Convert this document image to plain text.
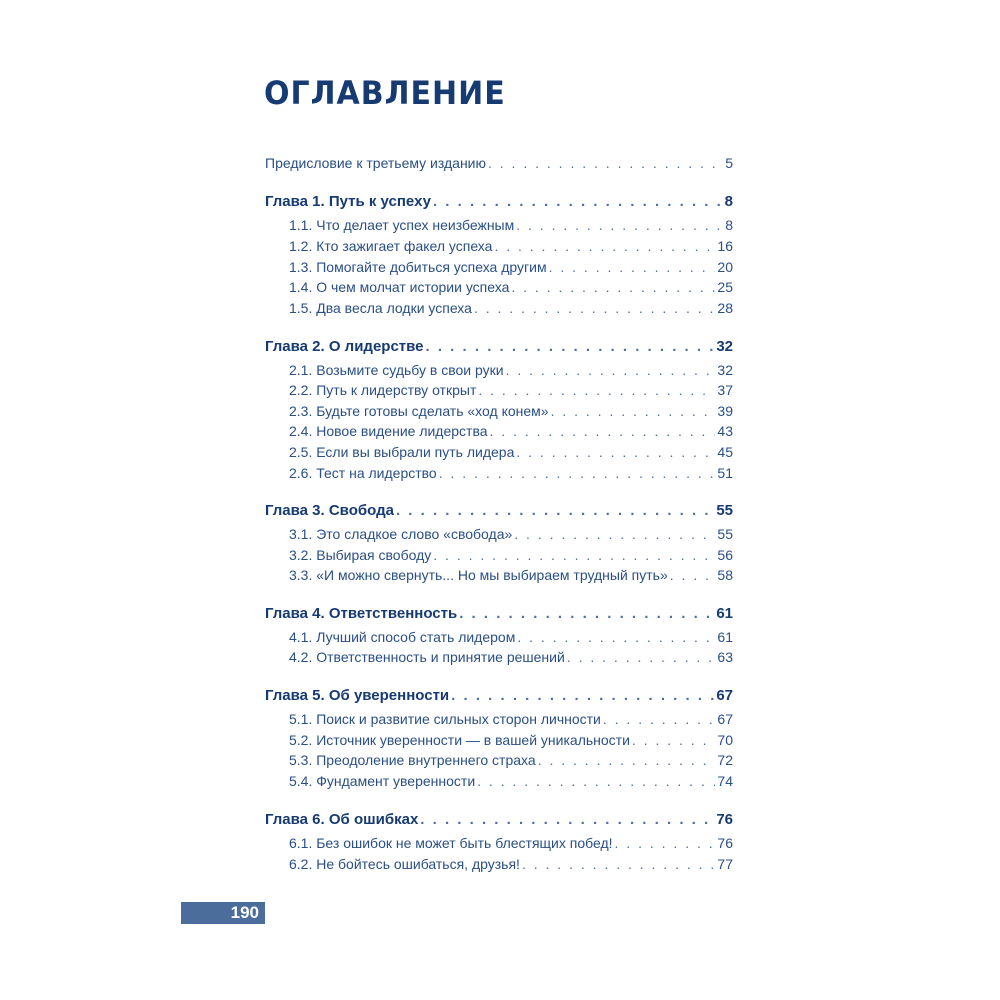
ОГЛАВЛЕНИЕ
Предисловие к третьему изданию . . .	5
Глава 1. Путь к успеху . . .	8
1.1. Что делает успех неизбежным . . .	8
1.2. Кто зажигает факел успеха . . .	16
1.3. Помогайте добиться успеха другим . . .	20
1.4. О чем молчат истории успеха . . .	25
1.5. Два весла лодки успеха . . .	28
Глава 2. О лидерстве . . .	32
2.1. Возьмите судьбу в свои руки . . .	32
2.2. Путь к лидерству открыт . . .	37
2.3. Будьте готовы сделать «ход конем» . . .	39
2.4. Новое видение лидерства . . .	43
2.5. Если вы выбрали путь лидера . . .	45
2.6. Тест на лидерство . . .	51
Глава 3. Свобода . . .	55
3.1. Это сладкое слово «свобода» . . .	55
3.2. Выбирая свободу . . .	56
3.3. «И можно свернуть... Но мы выбираем трудный путь» . . .	58
Глава 4. Ответственность . . .	61
4.1. Лучший способ стать лидером . . .	61
4.2. Ответственность и принятие решений . . .	63
Глава 5. Об уверенности . . .	67
5.1. Поиск и развитие сильных сторон личности . . .	67
5.2. Источник уверенности — в вашей уникальности . . .	70
5.3. Преодоление внутреннего страха . . .	72
5.4. Фундамент уверенности . . .	74
Глава 6. Об ошибках . . .	76
6.1. Без ошибок не может быть блестящих побед! . . .	76
6.2. Не бойтесь ошибаться, друзья! . . .	77
190
